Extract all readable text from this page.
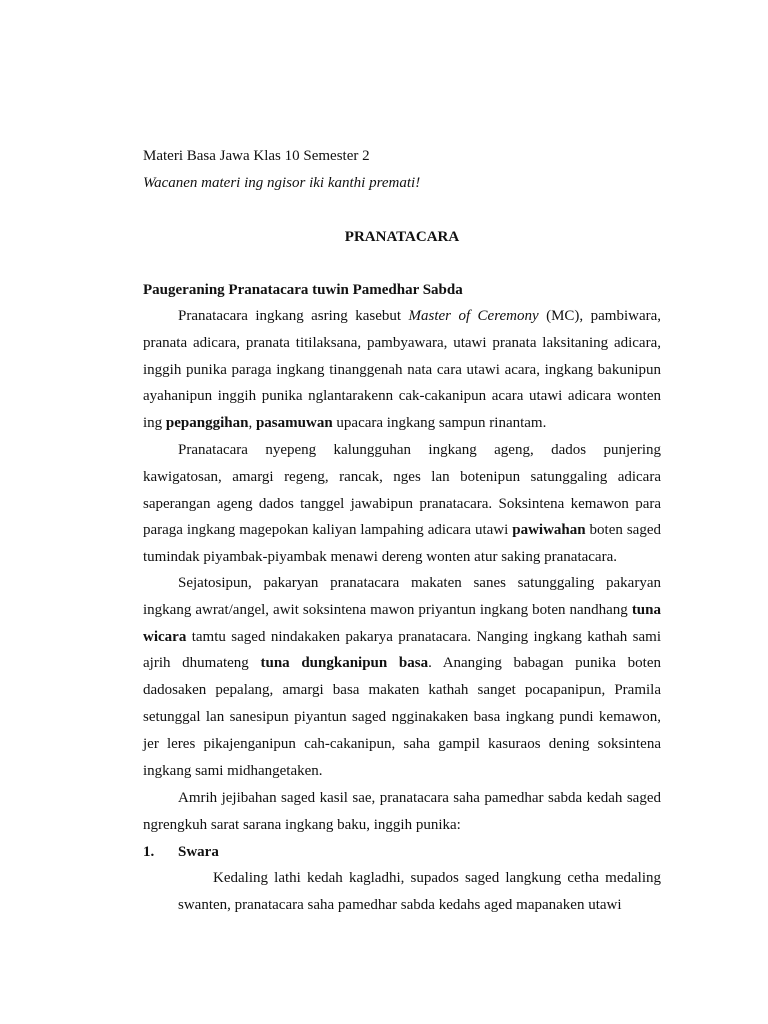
Materi Basa Jawa Klas 10 Semester 2
Wacanen materi ing ngisor iki kanthi premati!
PRANATACARA
Paugeraning Pranatacara tuwin Pamedhar Sabda
Pranatacara ingkang asring kasebut Master of Ceremony (MC), pambiwara, pranata adicara, pranata titilaksana, pambyawara, utawi pranata laksitaning adicara, inggih punika paraga ingkang tinanggenah nata cara utawi acara, ingkang bakunipun ayahanipun inggih punika nglantarakenn cak-cakanipun acara utawi adicara wonten ing pepanggihan, pasamuwan upacara ingkang sampun rinantam.
Pranatacara nyepeng kalungguhan ingkang ageng, dados punjering kawigatosan, amargi regeng, rancak, nges lan botenipun satunggaling adicara saperangan ageng dados tanggel jawabipun pranatacara. Soksintena kemawon para paraga ingkang magepokan kaliyan lampahing adicara utawi pawiwahan boten saged tumindak piyambak-piyambak menawi dereng wonten atur saking pranatacara.
Sejatosipun, pakaryan pranatacara makaten sanes satunggaling pakaryan ingkang awrat/angel, awit soksintena mawon priyantun ingkang boten nandhang tuna wicara tamtu saged nindakaken pakarya pranatacara. Nanging ingkang kathah sami ajrih dhumateng tuna dungkanipun basa. Ananging babagan punika boten dadosaken pepalang, amargi basa makaten kathah sanget pocapanipun, Pramila setunggal lan sanesipun piyantun saged ngginakaken basa ingkang pundi kemawon, jer leres pikajenganipun cah-cakanipun, saha gampil kasuraos dening soksintena ingkang sami midhangetaken.
Amrih jejibahan saged kasil sae, pranatacara saha pamedhar sabda kedah saged ngrengkuh sarat sarana ingkang baku, inggih punika:
1. Swara
Kedaling lathi kedah kagladhi, supados saged langkung cetha medaling swanten, pranatacara saha pamedhar sabda kedahs aged mapanaken utawi
